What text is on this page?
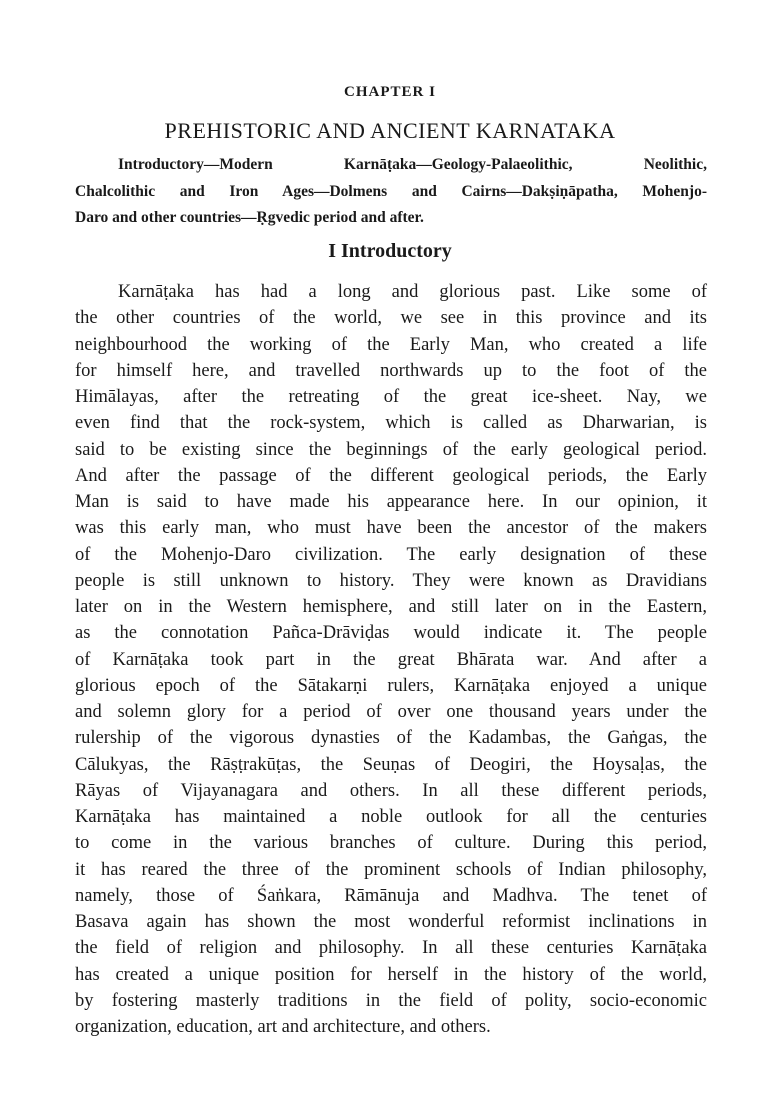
CHAPTER I
PREHISTORIC AND ANCIENT KARNATAKA
Introductory—Modern Karnāṭaka—Geology-Palaeolithic, Neolithic,
Chalcolithic and Iron Ages—Dolmens and Cairns—Dakṣiṇāpatha, Mohenjo-
Daro and other countries—Ṛgvedic period and after.
I Introductory
Karnāṭaka has had a long and glorious past. Like some of
the other countries of the world, we see in this province and its
neighbourhood the working of the Early Man, who created a life
for himself here, and travelled northwards up to the foot of the
Himālayas, after the retreating of the great ice-sheet. Nay, we
even find that the rock-system, which is called as Dharwarian, is
said to be existing since the beginnings of the early geological period.
And after the passage of the different geological periods, the Early
Man is said to have made his appearance here. In our opinion, it
was this early man, who must have been the ancestor of the makers
of the Mohenjo-Daro civilization. The early designation of these
people is still unknown to history. They were known as Dravidians
later on in the Western hemisphere, and still later on in the Eastern,
as the connotation Pañca-Drāviḍas would indicate it. The people
of Karnāṭaka took part in the great Bhārata war. And after a
glorious epoch of the Sātakarṇi rulers, Karnāṭaka enjoyed a unique
and solemn glory for a period of over one thousand years under the
rulership of the vigorous dynasties of the Kadambas, the Gaṅgas, the
Cālukyas, the Rāṣṭrakūṭas, the Seuṇas of Deogiri, the Hoysaḷas, the
Rāyas of Vijayanagara and others. In all these different periods,
Karnāṭaka has maintained a noble outlook for all the centuries
to come in the various branches of culture. During this period,
it has reared the three of the prominent schools of Indian philosophy,
namely, those of Śaṅkara, Rāmānuja and Madhva. The tenet of
Basava again has shown the most wonderful reformist inclinations in
the field of religion and philosophy. In all these centuries Karnāṭaka
has created a unique position for herself in the history of the world,
by fostering masterly traditions in the field of polity, socio-economic
organization, education, art and architecture, and others.
